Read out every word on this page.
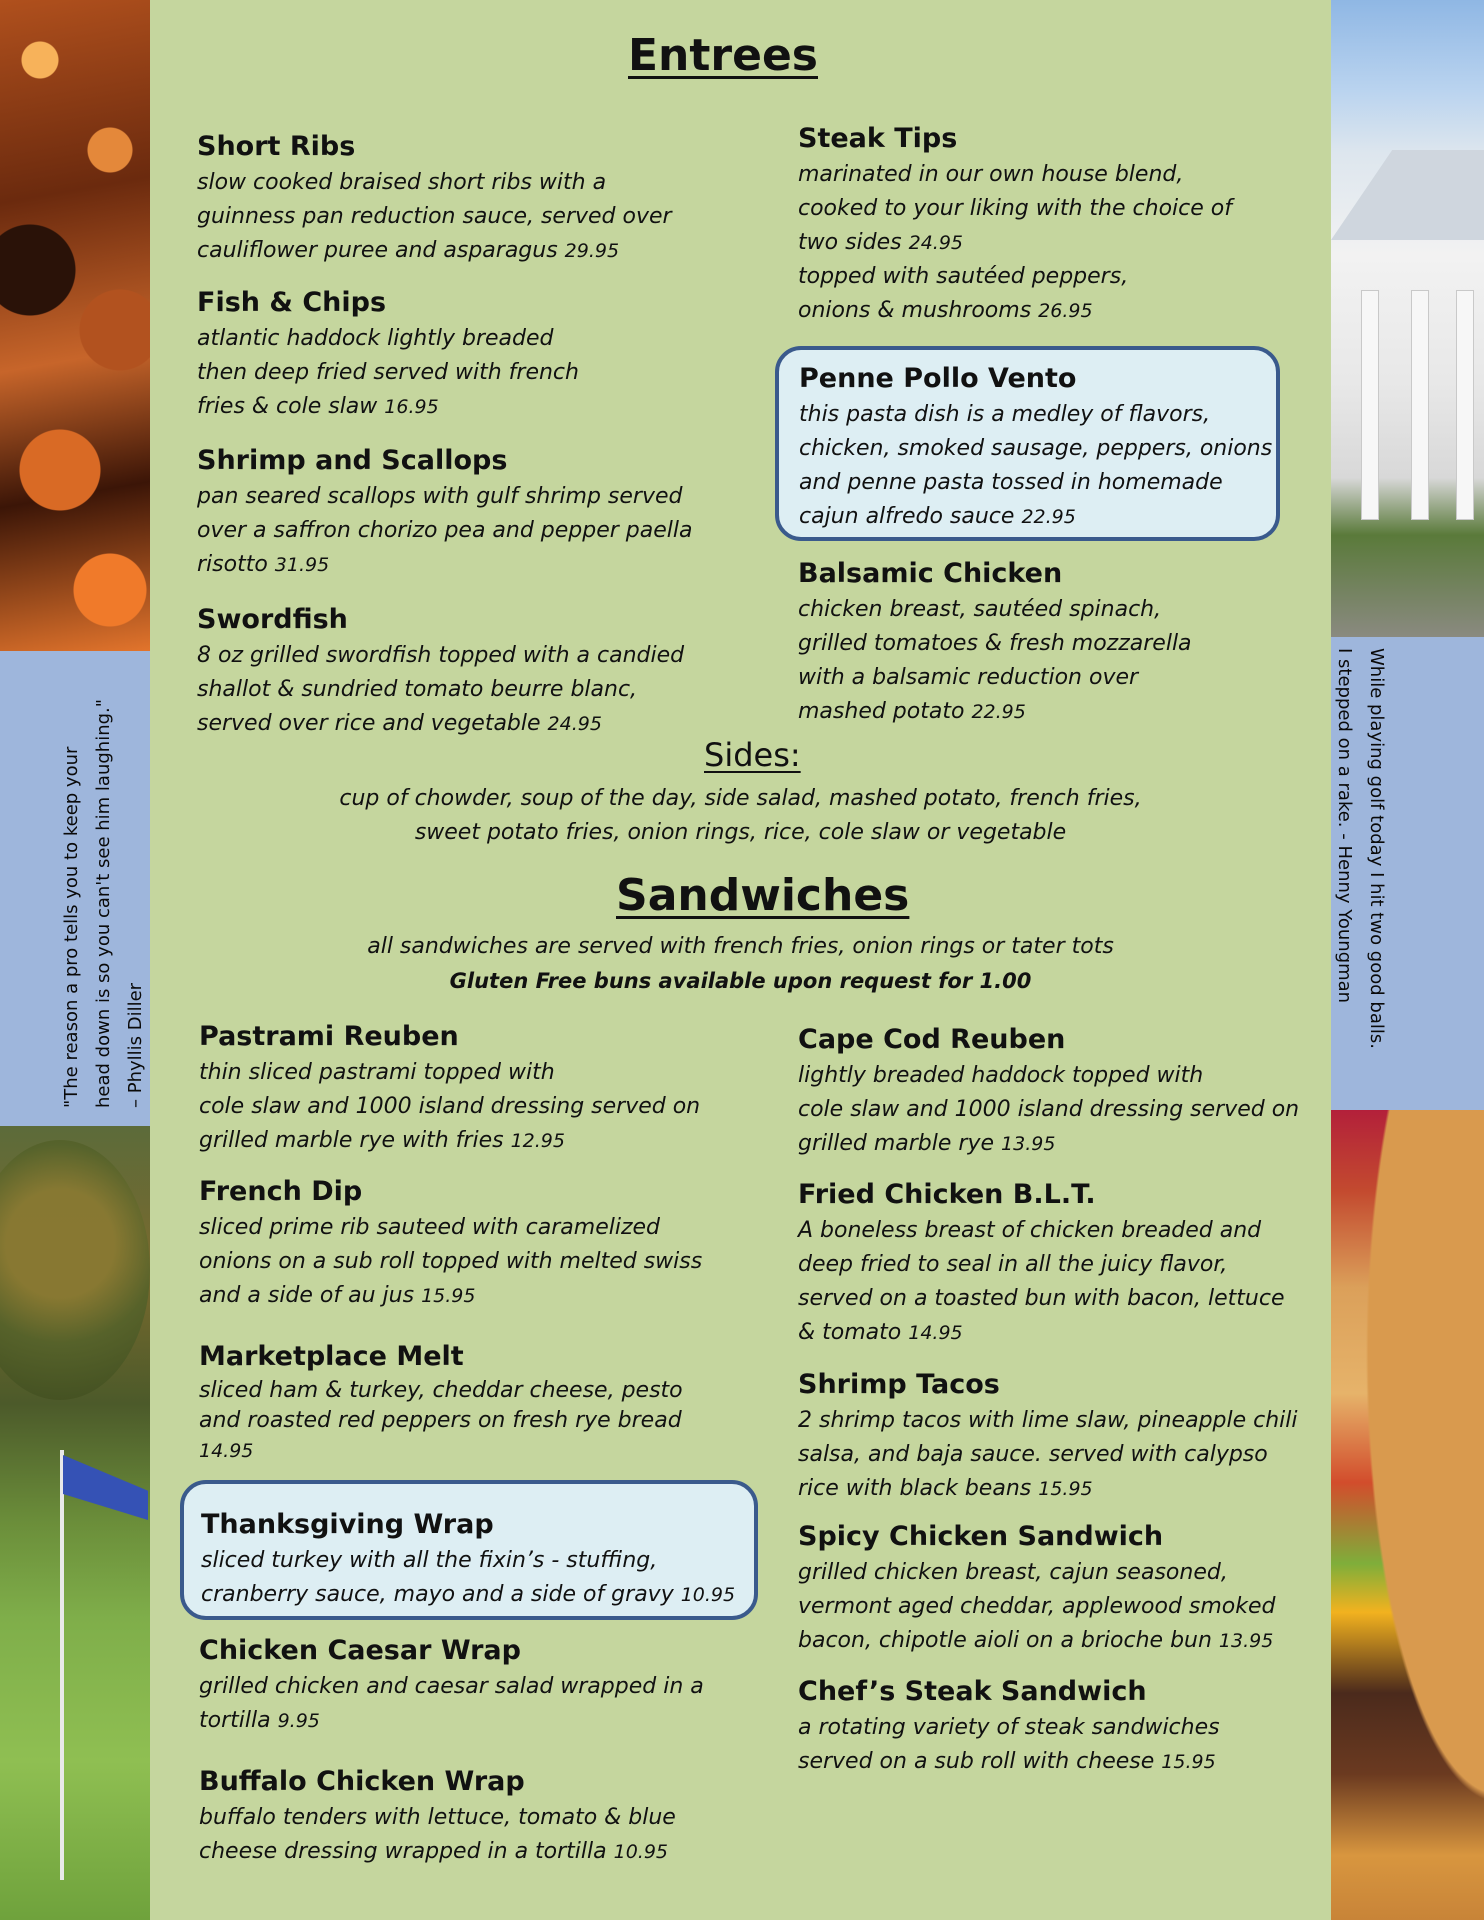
"The reason a pro tells you to keep your head down is so you can't see him laughing." – Phyllis Diller	While playing golf today I hit two good balls.
I stepped on a rake. - Henny Youngman
Entrees
Short Ribs
slow cooked braised short ribs with a
guinness pan reduction sauce, served over
cauliflower puree and asparagus 29.95
Fish & Chips
atlantic haddock lightly breaded
then deep fried served with french
fries & cole slaw 16.95
Shrimp and Scallops
pan seared scallops with gulf shrimp served
over a saffron chorizo pea and pepper paella
risotto 31.95
Swordfish
8 oz grilled swordfish topped with a candied
shallot & sundried tomato beurre blanc,
served over rice and vegetable 24.95
Steak Tips
marinated in our own house blend,
cooked to your liking with the choice of
two sides 24.95
topped with sautéed peppers,
onions & mushrooms 26.95
Penne Pollo Vento
this pasta dish is a medley of flavors,
chicken, smoked sausage, peppers, onions
and penne pasta tossed in homemade
cajun alfredo sauce 22.95
Balsamic Chicken
chicken breast, sautéed spinach,
grilled tomatoes & fresh mozzarella
with a balsamic reduction over
mashed potato 22.95
Sides:
cup of chowder, soup of the day, side salad, mashed potato, french fries,
sweet potato fries, onion rings, rice, cole slaw or vegetable
Sandwiches
all sandwiches are served with french fries, onion rings or tater tots
Gluten Free buns available upon request for 1.00
Pastrami Reuben
thin sliced pastrami topped with
cole slaw and 1000 island dressing served on
grilled marble rye with fries 12.95
French Dip
sliced prime rib sauteed with caramelized
onions on a sub roll topped with melted swiss
and a side of au jus 15.95
Marketplace Melt
sliced ham & turkey, cheddar cheese, pesto
and roasted red peppers on fresh rye bread
14.95
Thanksgiving Wrap
sliced turkey with all the fixin’s - stuffing,
cranberry sauce, mayo and a side of gravy 10.95
Chicken Caesar Wrap
grilled chicken and caesar salad wrapped in a
tortilla 9.95
Buffalo Chicken Wrap
buffalo tenders with lettuce, tomato & blue
cheese dressing wrapped in a tortilla 10.95
Cape Cod Reuben
lightly breaded haddock topped with
cole slaw and 1000 island dressing served on
grilled marble rye 13.95
Fried Chicken B.L.T.
A boneless breast of chicken breaded and
deep fried to seal in all the juicy flavor,
served on a toasted bun with bacon, lettuce
& tomato 14.95
Shrimp Tacos
2 shrimp tacos with lime slaw, pineapple chili
salsa, and baja sauce. served with calypso
rice with black beans 15.95
Spicy Chicken Sandwich
grilled chicken breast, cajun seasoned,
vermont aged cheddar, applewood smoked
bacon, chipotle aioli on a brioche bun 13.95
Chef’s Steak Sandwich
a rotating variety of steak sandwiches
served on a sub roll with cheese 15.95
